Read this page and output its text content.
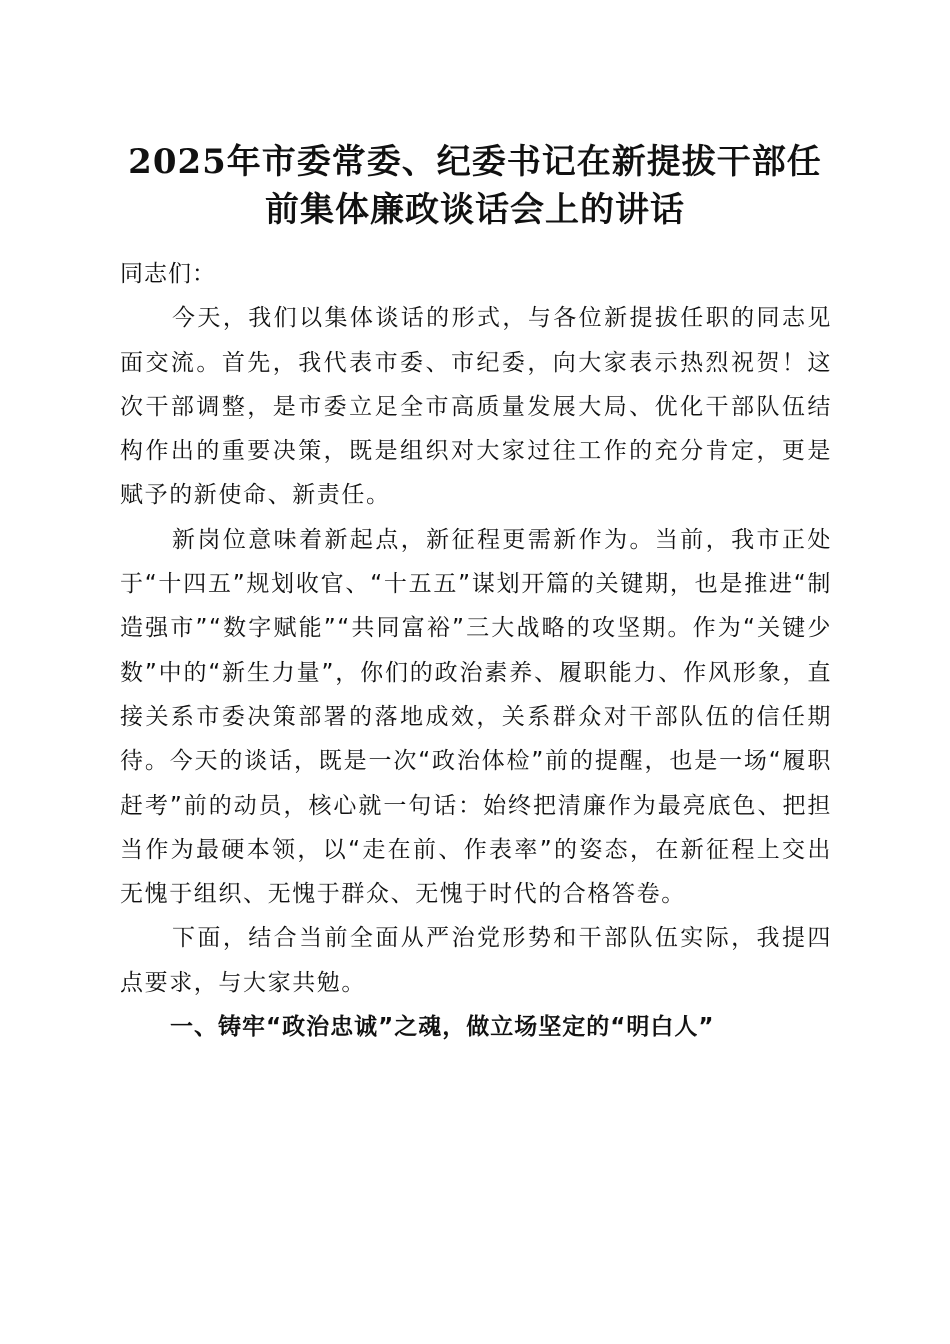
2025年市委常委、纪委书记在新提拔干部任
前集体廉政谈话会上的讲话

同志们：

今天，我们以集体谈话的形式，与各位新提拔任职的同志见面交流。首先，我代表市委、市纪委，向大家表示热烈祝贺！这次干部调整，是市委立足全市高质量发展大局、优化干部队伍结构作出的重要决策，既是组织对大家过往工作的充分肯定，更是赋予的新使命、新责任。

新岗位意味着新起点，新征程更需新作为。当前，我市正处于“十四五”规划收官、“十五五”谋划开篇的关键期，也是推进“制造强市”“数字赋能”“共同富裕”三大战略的攻坚期。作为“关键少数”中的“新生力量”，你们的政治素养、履职能力、作风形象，直接关系市委决策部署的落地成效，关系群众对干部队伍的信任期待。今天的谈话，既是一次“政治体检”前的提醒，也是一场“履职赶考”前的动员，核心就一句话：始终把清廉作为最亮底色、把担当作为最硬本领，以“走在前、作表率”的姿态，在新征程上交出无愧于组织、无愧于群众、无愧于时代的合格答卷。

下面，结合当前全面从严治党形势和干部队伍实际，我提四点要求，与大家共勉。

一、铸牢“政治忠诚”之魂，做立场坚定的“明白人”
